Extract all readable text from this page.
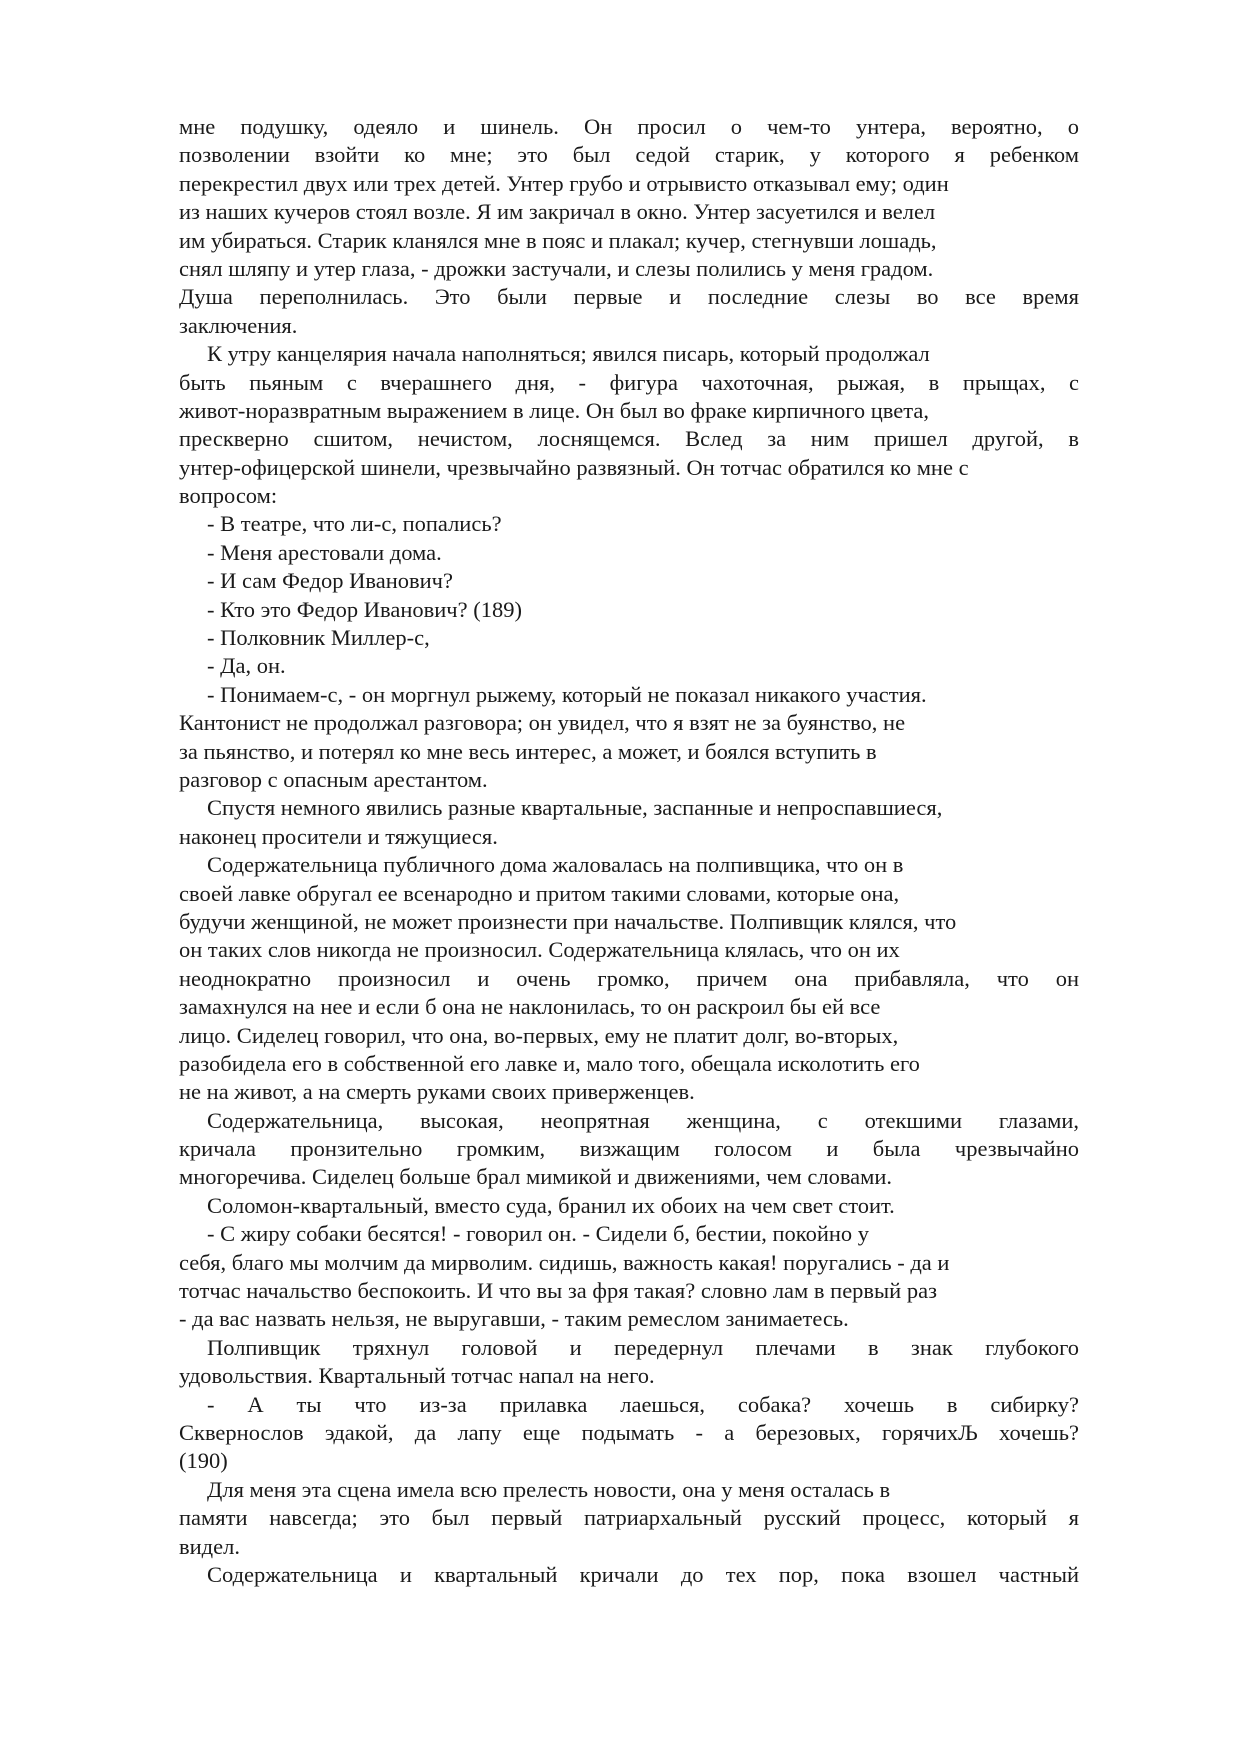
мне подушку, одеяло и шинель. Он просил о чем-то унтера, вероятно, о
позволении взойти ко мне; это был седой старик, у которого я ребенком
перекрестил двух или трех детей. Унтер грубо и отрывисто отказывал ему; один
из наших кучеров стоял возле. Я им закричал в окно. Унтер засуетился и велел
им убираться. Старик кланялся мне в пояс и плакал; кучер, стегнувши лошадь,
снял шляпу и утер глаза, - дрожки застучали, и слезы полились у меня градом.
Душа переполнилась. Это были первые и последние слезы во все время
заключения.
К утру канцелярия начала наполняться; явился писарь, который продолжал
быть пьяным с вчерашнего дня, - фигура чахоточная, рыжая, в прыщах, с
живот-норазвратным выражением в лице. Он был во фраке кирпичного цвета,
прескверно сшитом, нечистом, лоснящемся. Вслед за ним пришел другой, в
унтер-офицерской шинели, чрезвычайно развязный. Он тотчас обратился ко мне с
вопросом:
- В театре, что ли-с, попались?
- Меня арестовали дома.
- И сам Федор Иванович?
- Кто это Федор Иванович? (189)
- Полковник Миллер-с,
- Да, он.
- Понимаем-с, - он моргнул рыжему, который не показал никакого участия.
Кантонист не продолжал разговора; он увидел, что я взят не за буянство, не
за пьянство, и потерял ко мне весь интерес, а может, и боялся вступить в
разговор с опасным арестантом.
Спустя немного явились разные квартальные, заспанные и непроспавшиеся,
наконец просители и тяжущиеся.
Содержательница публичного дома жаловалась на полпивщика, что он в
своей лавке обругал ее всенародно и притом такими словами, которые она,
будучи женщиной, не может произнести при начальстве. Полпивщик клялся, что
он таких слов никогда не произносил. Содержательница клялась, что он их
неоднократно произносил и очень громко, причем она прибавляла, что он
замахнулся на нее и если б она не наклонилась, то он раскроил бы ей все
лицо. Сиделец говорил, что она, во-первых, ему не платит долг, во-вторых,
разобидела его в собственной его лавке и, мало того, обещала исколотить его
не на живот, а на смерть руками своих приверженцев.
Содержательница, высокая, неопрятная женщина, с отекшими глазами,
кричала пронзительно громким, визжащим голосом и была чрезвычайно
многоречива. Сиделец больше брал мимикой и движениями, чем словами.
Соломон-квартальный, вместо суда, бранил их обоих на чем свет стоит.
- С жиру собаки бесятся! - говорил он. - Сидели б, бестии, покойно у
себя, благо мы молчим да мирволим. сидишь, важность какая! поругались - да и
тотчас начальство беспокоить. И что вы за фря такая? словно лам в первый раз
- да вас назвать нельзя, не выругавши, - таким ремеслом занимаетесь.
Полпивщик тряхнул головой и передернул плечами в знак глубокого
удовольствия. Квартальный тотчас напал на него.
- А ты что из-за прилавка лаешься, собака? хочешь в сибирку?
Сквернослов эдакой, да лапу еще подымать - а березовых, горячихЉ хочешь?
(190)
Для меня эта сцена имела всю прелесть новости, она у меня осталась в
памяти навсегда; это был первый патриархальный русский процесс, который я
видел.
Содержательница и квартальный кричали до тех пор, пока взошел частный
